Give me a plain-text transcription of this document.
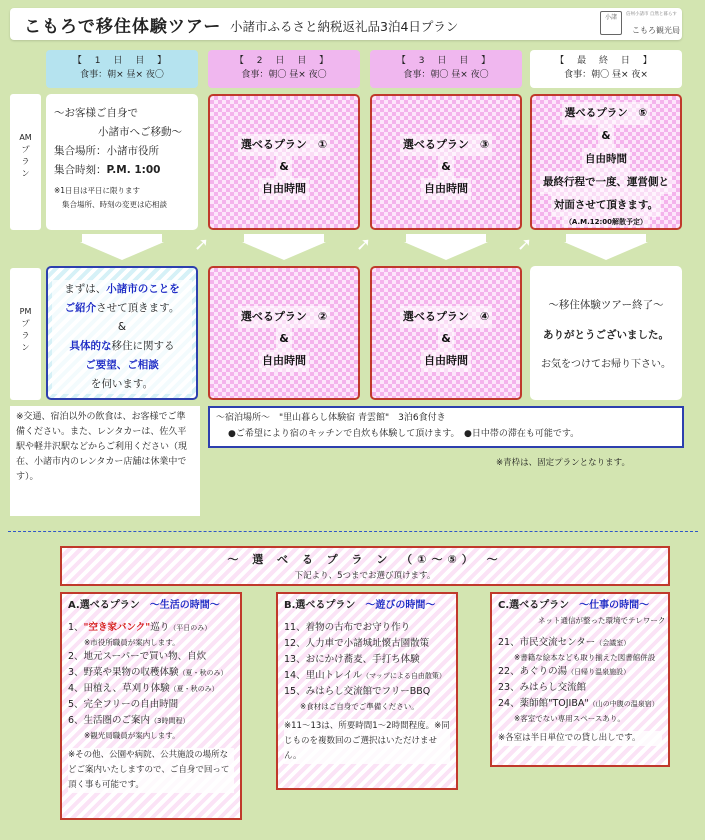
こもろで移住体験ツアー 小諸市ふるさと納税返礼品3泊4日プラン
小諸	信州小諸市 自然と暮らす
こもろ観光局
【 1 日 目 】
食事：朝× 昼× 夜〇
【 2 日 目 】
食事：朝〇 昼× 夜〇
【 3 日 目 】
食事：朝〇 昼× 夜〇
【 最 終 日 】
食事：朝〇 昼× 夜×
AM
プ
ラ
ン
PM
プ
ラ
ン
～お客様ご自身で
小諸市へご移動～
集合場所：小諸市役所
集合時刻：P.M. 1:00
※1日目は平日に限ります
集合場所、時刻の変更は応相談
選べるプラン　①
&
自由時間
選べるプラン　③
&
自由時間
選べるプラン　⑤
&
自由時間
最終行程で一度、運営側と
対面させて頂きます。
（A.M.12:00解散予定）
➚	➚	➚
まずは、小諸市のことを
ご紹介させて頂きます。
&
具体的な移住に関する
ご要望、ご相談
を伺います。
選べるプラン　②
&
自由時間
選べるプラン　④
&
自由時間
～移住体験ツアー終了～
ありがとうございました。
お気をつけてお帰り下さい。
※交通、宿泊以外の飲食は、お客様でご準備ください。また、レンタカーは、佐久平駅や軽井沢駅などからご利用ください（現在、小諸市内のレンタカー店舗は休業中です）。
～宿泊場所～　"里山暮らし体験宿 青雲館"　3泊6食付き
●ご希望により宿のキッチンで自炊も体験して頂けます。　●日中帯の滞在も可能です。
※青枠は、固定プランとなります。
～ 選 べ る プ ラ ン （①～⑤） ～
下記より、5つまでお選び頂けます。
A.選べるプラン　 ～生活の時間～
1、"空き家バンク"巡り（平日のみ）
※市役所職員が案内します。
2、地元スーパーで買い物、自炊
3、野菜や果物の収穫体験（夏・秋のみ）
4、田植え、草刈り体験（夏・秋のみ）
5、完全フリーの自由時間
6、生活圏のご案内（3時間程）
※観光局職員が案内します。
※その他、公園や病院、公共施設の場所などご案内いたしますので、ご自身で回って頂く事も可能です。
B.選べるプラン　 ～遊びの時間～
11、着物の古布でお守り作り
12、人力車で小諸城址懐古園散策
13、おにかけ蕎麦、手打ち体験
14、里山トレイル（マップによる自由散策）
15、みはらし交流館でフリーBBQ
※食材はご自身でご準備ください。
※11～13は、所要時間1～2時間程度。※同じものを複数回のご選択はいただけません。
C.選べるプラン　 ～仕事の時間～
ネット通信が整った環境でテレワーク
21、市民交流センター（会議室）
※書籍な絵本なども取り揃えた図書館併設
22、あぐりの湯（日帰り温泉施設）
23、みはらし交流館
24、薬師館"TOJIBA"（山の中腹の温泉宿）
※客室でない専用スペースあり。
※各室は半日単位での貸し出しです。
